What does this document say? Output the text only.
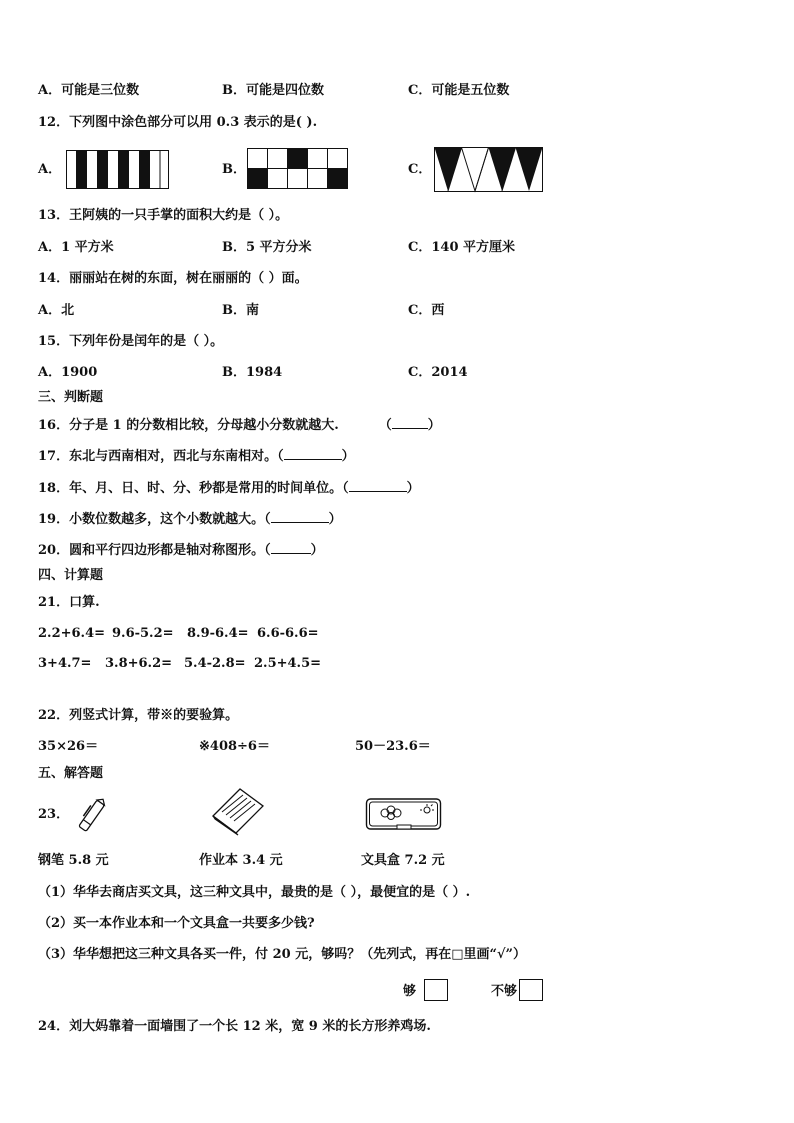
A．可能是三位数	B．可能是四位数	C．可能是五位数
12．下列图中涂色部分可以用 0.3 表示的是( ).
A．	B．	C．
13．王阿姨的一只手掌的面积大约是（ ）。
A．1 平方米	B．5 平方分米	C．140 平方厘米
14．丽丽站在树的东面，树在丽丽的（ ）面。
A．北	B．南	C．西
15．下列年份是闰年的是（ ）。
A．1900	B．1984	C．2014
三、判断题
16．分子是 1 的分数相比较，分母越小分数就越大.	（	）
17．东北与西南相对，西北与东南相对。（	）
18．年、月、日、时、分、秒都是常用的时间单位。（	）
19．小数位数越多，这个小数就越大。（	）
20．圆和平行四边形都是轴对称图形。（	）
四、计算题
21．口算.
2.2+6.4= 9.6-5.2= 8.9-6.4= 6.6-6.6=
3+4.7= 3.8+6.2= 5.4-2.8= 2.5+4.5=
22．列竖式计算，带※的要验算。
35×26＝	※408÷6＝	50－23.6＝
五、解答题
23．
钢笔 5.8 元	作业本 3.4 元	文具盒 7.2 元
（1）华华去商店买文具，这三种文具中，最贵的是（ ），最便宜的是（ ）.
（2）买一本作业本和一个文具盒一共要多少钱?
（3）华华想把这三种文具各买一件，付 20 元，够吗？（先列式，再在□里画“√”）
够	不够
24．刘大妈靠着一面墙围了一个长 12 米，宽 9 米的长方形养鸡场.
